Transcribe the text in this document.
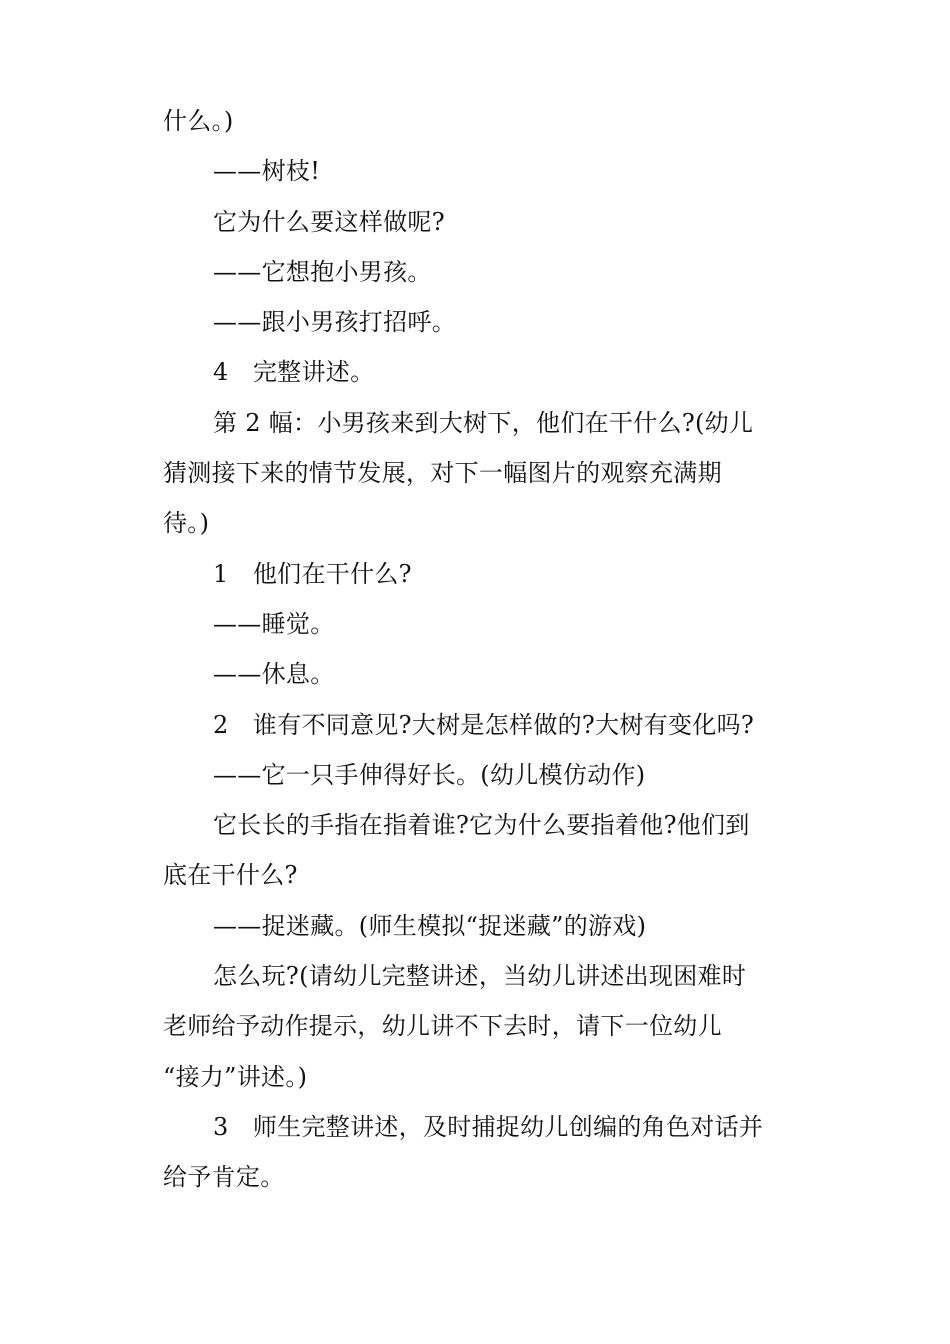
什么。)
——树枝!
它为什么要这样做呢?
——它想抱小男孩。
——跟小男孩打招呼。
4　完整讲述。
第 2 幅：小男孩来到大树下，他们在干什么?(幼儿
猜测接下来的情节发展，对下一幅图片的观察充满期
待。)
1　他们在干什么?
——睡觉。
——休息。
2　谁有不同意见?大树是怎样做的?大树有变化吗?
——它一只手伸得好长。(幼儿模仿动作)
它长长的手指在指着谁?它为什么要指着他?他们到
底在干什么?
——捉迷藏。(师生模拟“捉迷藏”的游戏)
怎么玩?(请幼儿完整讲述，当幼儿讲述出现困难时
老师给予动作提示，幼儿讲不下去时，请下一位幼儿
“接力”讲述。)
3　师生完整讲述，及时捕捉幼儿创编的角色对话并
给予肯定。
